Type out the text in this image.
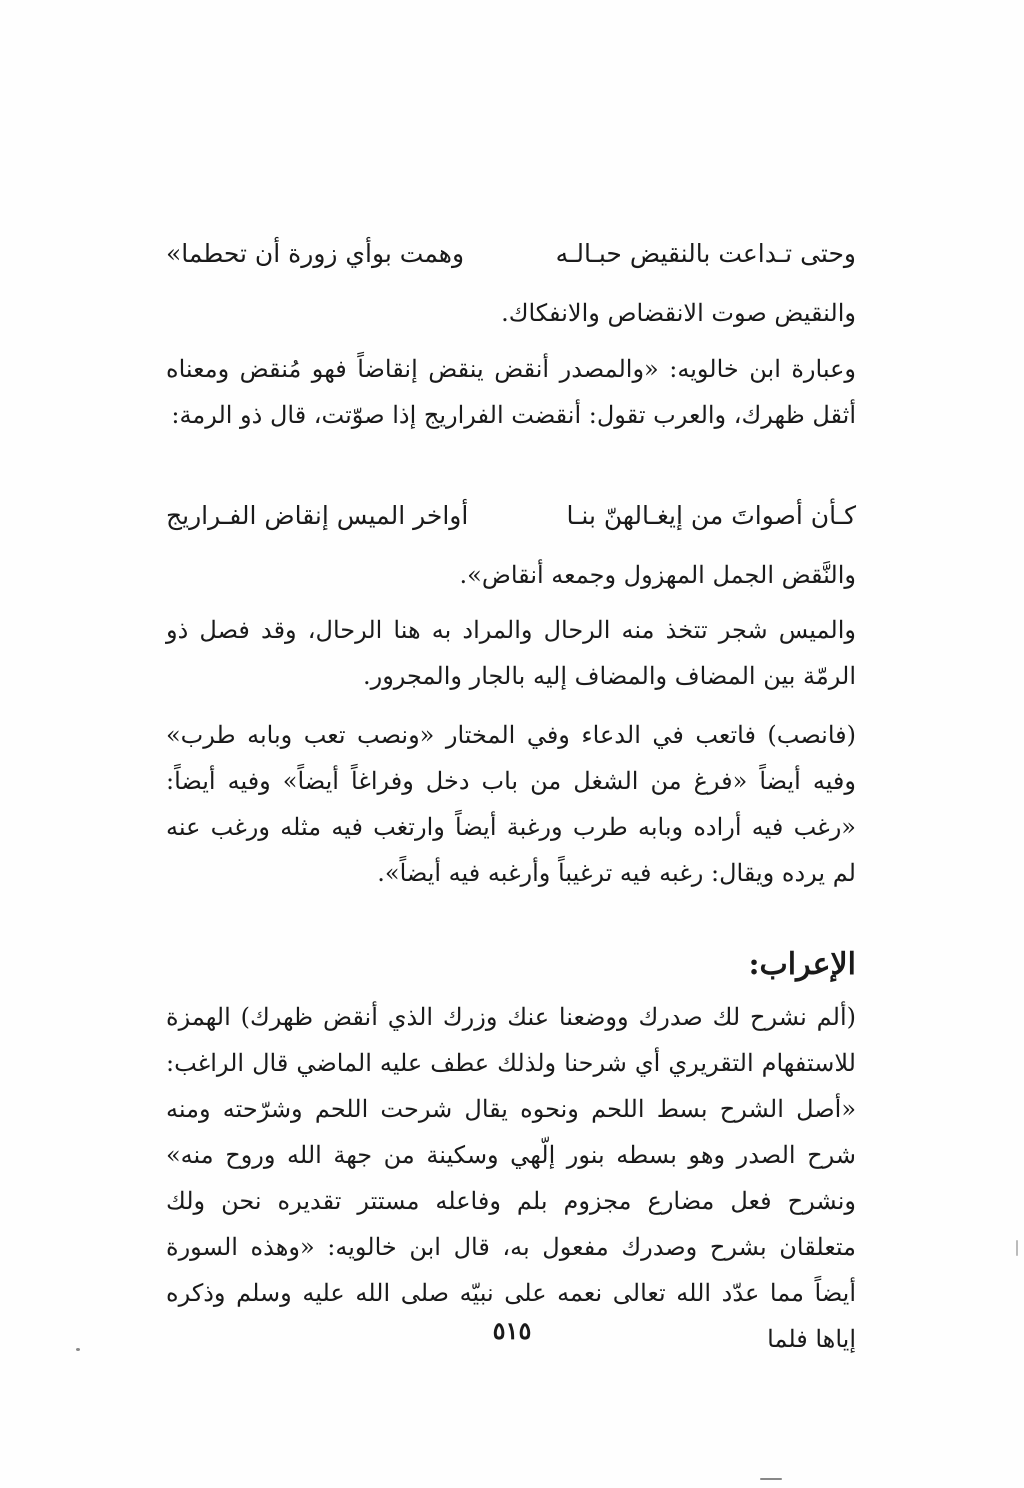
وحتى تـداعت بالنقيض حبـالـه
وهمت بوأي زورة أن تحطما»
والنقيض صوت الانقضاص والانفكاك.
وعبارة ابن خالويه: «والمصدر أنقض ينقض إنقاضاً فهو مُنقض ومعناه أثقل ظهرك، والعرب تقول: أنقضت الفراريج إذا صوّتت، قال ذو الرمة:
كـأن أصواتَ من إيغـالهنّ بنـا
أواخر الميس إنقاض الفـراريج
والنَّقض الجمل المهزول وجمعه أنقاض».
والميس شجر تتخذ منه الرحال والمراد به هنا الرحال، وقد فصل ذو الرمّة بين المضاف والمضاف إليه بالجار والمجرور.
(فانصب) فاتعب في الدعاء وفي المختار «ونصب تعب وبابه طرب» وفيه أيضاً «فرغ من الشغل من باب دخل وفراغاً أيضاً» وفيه أيضاً: «رغب فيه أراده وبابه طرب ورغبة أيضاً وارتغب فيه مثله ورغب عنه لم يرده ويقال: رغبه فيه ترغيباً وأرغبه فيه أيضاً».
الإعراب:
(ألم نشرح لك صدرك ووضعنا عنك وزرك الذي أنقض ظهرك) الهمزة للاستفهام التقريري أي شرحنا ولذلك عطف عليه الماضي قال الراغب: «أصل الشرح بسط اللحم ونحوه يقال شرحت اللحم وشرّحته ومنه شرح الصدر وهو بسطه بنور إلّهي وسكينة من جهة الله وروح منه» ونشرح فعل مضارع مجزوم بلم وفاعله مستتر تقديره نحن ولك متعلقان بشرح وصدرك مفعول به، قال ابن خالويه: «وهذه السورة أيضاً مما عدّد الله تعالى نعمه على نبيّه صلى الله عليه وسلم وذكره إياها فلما
٥١٥
